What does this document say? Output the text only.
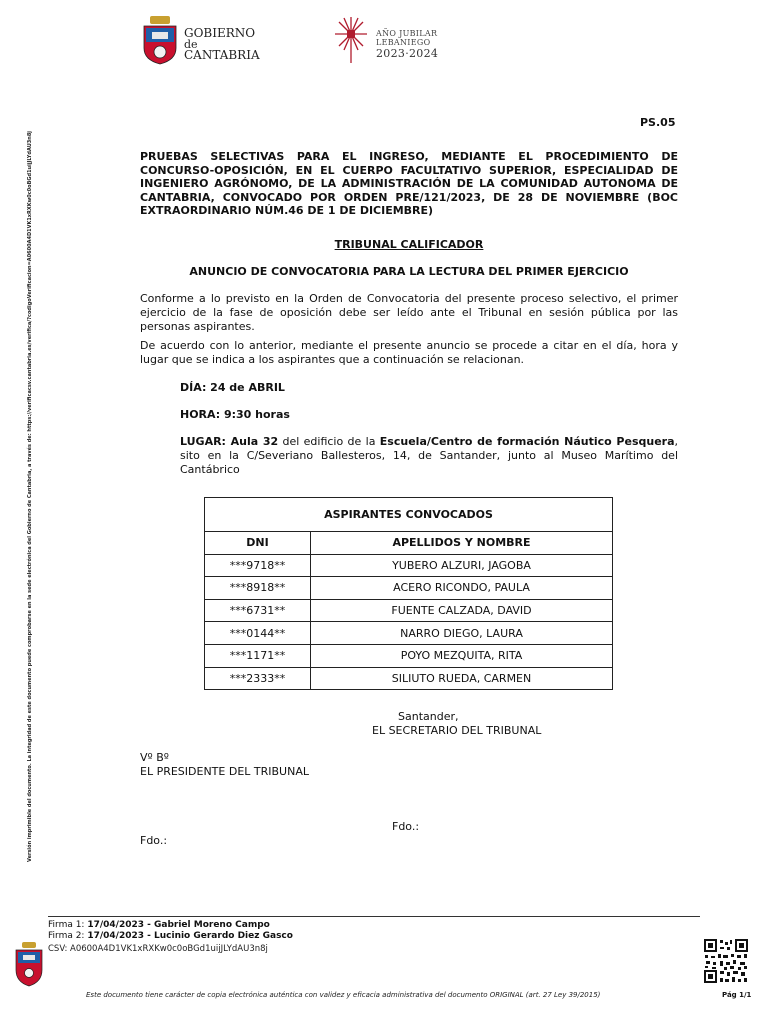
GOBIERNO
de
CANTABRIA
AÑO JUBILAR
LEBANIEGO
2023·2024
Versión imprimible del documento. La integridad de este documento puede comprobarse en la sede electrónica del Gobierno de Cantabria, a través de: https://verificacsv.cantabria.es/verifica/?codigoVerificacion=A0600A4D1VK1xRXKw0c0oBGd1uijJLYdAU3n8j
PS.05
PRUEBAS SELECTIVAS PARA EL INGRESO, MEDIANTE EL PROCEDIMIENTO DE CONCURSO-OPOSICIÓN, EN EL CUERPO FACULTATIVO SUPERIOR, ESPECIALIDAD DE INGENIERO AGRÓNOMO, DE LA ADMINISTRACIÓN DE LA COMUNIDAD AUTONOMA DE CANTABRIA, CONVOCADO POR ORDEN PRE/121/2023, DE 28 DE NOVIEMBRE (BOC EXTRAORDINARIO NÚM.46 DE 1 DE DICIEMBRE)
TRIBUNAL CALIFICADOR
ANUNCIO DE CONVOCATORIA PARA LA LECTURA DEL PRIMER EJERCICIO
Conforme a lo previsto en la Orden de Convocatoria del presente proceso selectivo, el primer ejercicio de la fase de oposición debe ser leído ante el Tribunal en sesión pública por las personas aspirantes.
De acuerdo con lo anterior, mediante el presente anuncio se procede a citar en el día, hora y lugar que se indica a los aspirantes que a continuación se relacionan.
DÍA: 24 de ABRIL
HORA: 9:30 horas
LUGAR: Aula 32 del edificio de la Escuela/Centro de formación Náutico Pesquera, sito en la C/Severiano Ballesteros, 14, de Santander, junto al Museo Marítimo del Cantábrico
ASPIRANTES CONVOCADOS	
DNI	APELLIDOS Y NOMBRE
***9718**	YUBERO ALZURI, JAGOBA
***8918**	ACERO RICONDO, PAULA
***6731**	FUENTE CALZADA, DAVID
***0144**	NARRO DIEGO, LAURA
***1171**	POYO MEZQUITA, RITA
***2333**	SILIUTO RUEDA, CARMEN
Santander,
EL SECRETARIO DEL TRIBUNAL
Vº Bº
EL PRESIDENTE DEL TRIBUNAL
Fdo.:
Fdo.:
Firma 1: 17/04/2023 - Gabriel Moreno Campo
Firma 2: 17/04/2023 - Lucinio Gerardo Diez Gasco
CSV: A0600A4D1VK1xRXKw0c0oBGd1uijJLYdAU3n8j
Este documento tiene carácter de copia electrónica auténtica con validez y eficacia administrativa del documento ORIGINAL (art. 27 Ley 39/2015)	Pág 1/1
